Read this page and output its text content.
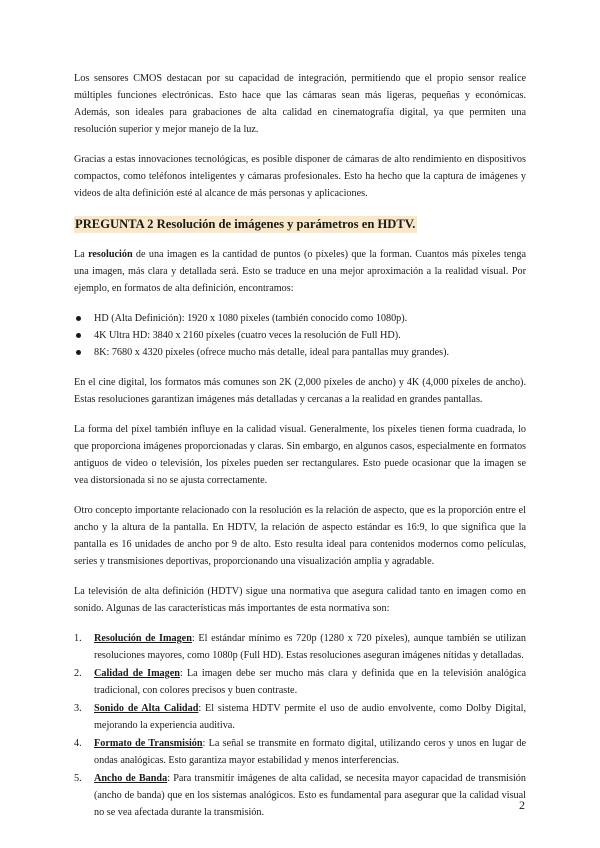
Los sensores CMOS destacan por su capacidad de integración, permitiendo que el propio sensor realice múltiples funciones electrónicas. Esto hace que las cámaras sean más ligeras, pequeñas y económicas. Además, son ideales para grabaciones de alta calidad en cinematografía digital, ya que permiten una resolución superior y mejor manejo de la luz.

Gracias a estas innovaciones tecnológicas, es posible disponer de cámaras de alto rendimiento en dispositivos compactos, como teléfonos inteligentes y cámaras profesionales. Esto ha hecho que la captura de imágenes y videos de alta definición esté al alcance de más personas y aplicaciones.

PREGUNTA 2 Resolución de imágenes y parámetros en HDTV.

La resolución de una imagen es la cantidad de puntos (o píxeles) que la forman. Cuantos más píxeles tenga una imagen, más clara y detallada será. Esto se traduce en una mejor aproximación a la realidad visual. Por ejemplo, en formatos de alta definición, encontramos:

HD (Alta Definición): 1920 x 1080 píxeles (también conocido como 1080p).
4K Ultra HD: 3840 x 2160 píxeles (cuatro veces la resolución de Full HD).
8K: 7680 x 4320 píxeles (ofrece mucho más detalle, ideal para pantallas muy grandes).

En el cine digital, los formatos más comunes son 2K (2,000 píxeles de ancho) y 4K (4,000 píxeles de ancho). Estas resoluciones garantizan imágenes más detalladas y cercanas a la realidad en grandes pantallas.

La forma del píxel también influye en la calidad visual. Generalmente, los píxeles tienen forma cuadrada, lo que proporciona imágenes proporcionadas y claras. Sin embargo, en algunos casos, especialmente en formatos antiguos de video o televisión, los píxeles pueden ser rectangulares. Esto puede ocasionar que la imagen se vea distorsionada si no se ajusta correctamente.

Otro concepto importante relacionado con la resolución es la relación de aspecto, que es la proporción entre el ancho y la altura de la pantalla. En HDTV, la relación de aspecto estándar es 16:9, lo que significa que la pantalla es 16 unidades de ancho por 9 de alto. Esto resulta ideal para contenidos modernos como películas, series y transmisiones deportivas, proporcionando una visualización amplia y agradable.

La televisión de alta definición (HDTV) sigue una normativa que asegura calidad tanto en imagen como en sonido. Algunas de las características más importantes de esta normativa son:

1. Resolución de Imagen: El estándar mínimo es 720p (1280 x 720 píxeles), aunque también se utilizan resoluciones mayores, como 1080p (Full HD). Estas resoluciones aseguran imágenes nítidas y detalladas.
2. Calidad de Imagen: La imagen debe ser mucho más clara y definida que en la televisión analógica tradicional, con colores precisos y buen contraste.
3. Sonido de Alta Calidad: El sistema HDTV permite el uso de audio envolvente, como Dolby Digital, mejorando la experiencia auditiva.
4. Formato de Transmisión: La señal se transmite en formato digital, utilizando ceros y unos en lugar de ondas analógicas. Esto garantiza mayor estabilidad y menos interferencias.
5. Ancho de Banda: Para transmitir imágenes de alta calidad, se necesita mayor capacidad de transmisión (ancho de banda) que en los sistemas analógicos. Esto es fundamental para asegurar que la calidad visual no se vea afectada durante la transmisión.
2
